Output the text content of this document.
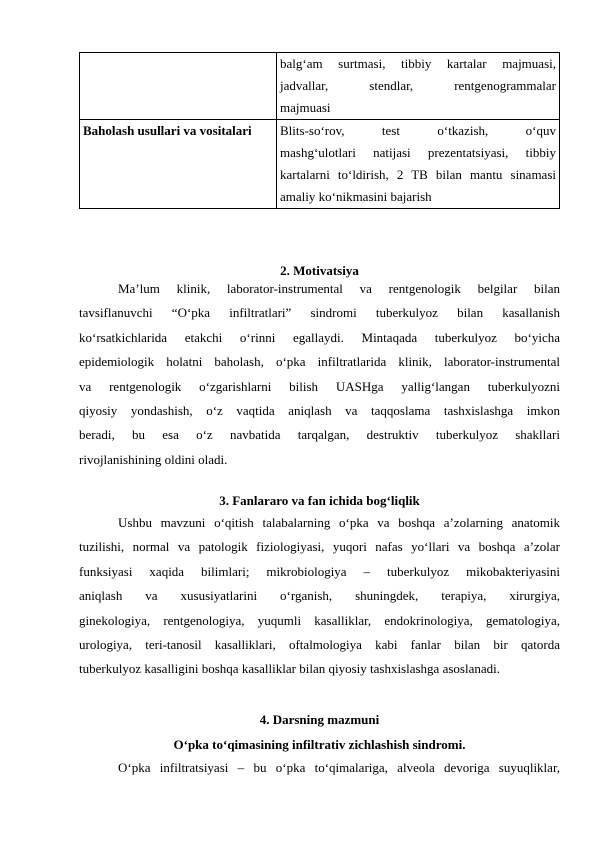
	balg‘am surtmasi, tibbiy kartalar majmuasi,
jadvallar, stendlar, rentgenogrammalar
majmuasi

Baholash usullari va vositalari	Blits-so‘rov, test o‘tkazish, o‘quv
mashg‘ulotlari natijasi prezentatsiyasi, tibbiy
kartalarni to‘ldirish, 2 TB bilan mantu sinamasi
amaliy ko‘nikmasini bajarish
2. Motivatsiya
Ma’lum klinik, laborator-instrumental va rentgenologik belgilar bilan
tavsiflanuvchi “O‘pka infiltratlari” sindromi tuberkulyoz bilan kasallanish
ko‘rsatkichlarida etakchi o‘rinni egallaydi. Mintaqada tuberkulyoz bo‘yicha
epidemiologik holatni baholash, o‘pka infiltratlarida klinik, laborator-instrumental
va rentgenologik o‘zgarishlarni bilish UASHga yallig‘langan tuberkulyozni
qiyosiy yondashish, o‘z vaqtida aniqlash va taqqoslama tashxislashga imkon
beradi, bu esa o‘z navbatida tarqalgan, destruktiv tuberkulyoz shakllari
rivojlanishining oldini oladi.
3. Fanlararo va fan ichida bog‘liqlik
Ushbu mavzuni o‘qitish talabalarning o‘pka va boshqa a’zolarning anatomik
tuzilishi, normal va patologik fiziologiyasi, yuqori nafas yo‘llari va boshqa a’zolar
funksiyasi xaqida bilimlari; mikrobiologiya – tuberkulyoz mikobakteriyasini
aniqlash va xususiyatlarini o‘rganish, shuningdek, terapiya, xirurgiya,
ginekologiya, rentgenologiya, yuqumli kasalliklar, endokrinologiya, gematologiya,
urologiya, teri-tanosil kasalliklari, oftalmologiya kabi fanlar bilan bir qatorda
tuberkulyoz kasalligini boshqa kasalliklar bilan qiyosiy tashxislashga asoslanadi.
4. Darsning mazmuni
O‘pka to‘qimasining infiltrativ zichlashish sindromi.
O‘pka infiltratsiyasi – bu o‘pka to‘qimalariga, alveola devoriga suyuqliklar,
